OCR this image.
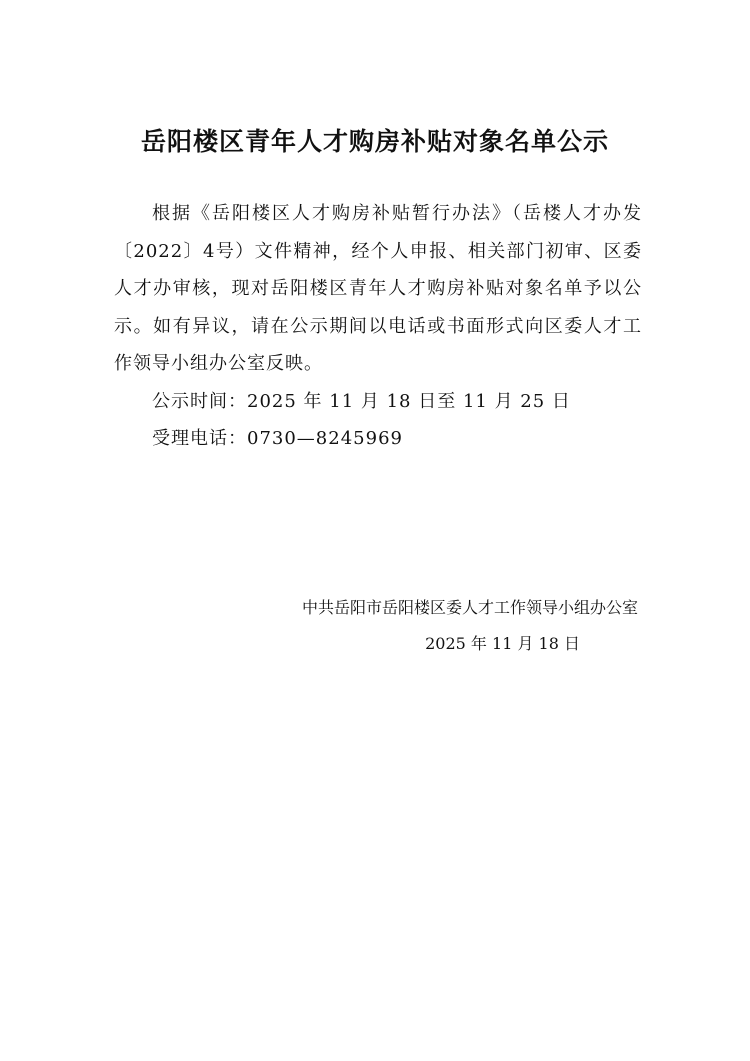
岳阳楼区青年人才购房补贴对象名单公示

根据《岳阳楼区人才购房补贴暂行办法》（岳楼人才办发〔2022〕4号）文件精神，经个人申报、相关部门初审、区委人才办审核，现对岳阳楼区青年人才购房补贴对象名单予以公示。如有异议，请在公示期间以电话或书面形式向区委人才工作领导小组办公室反映。

公示时间：2025 年 11 月 18 日至 11 月 25 日

受理电话：0730—8245969

中共岳阳市岳阳楼区委人才工作领导小组办公室
2025 年 11 月 18 日
